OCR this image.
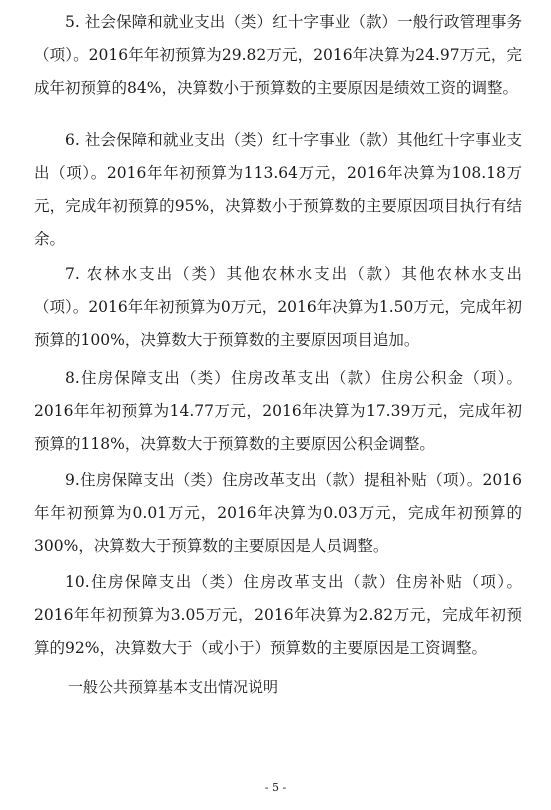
5. 社会保障和就业支出（类）红十字事业（款）一般行政管理事务（项）。2016年年初预算为29.82万元，2016年决算为24.97万元，完成年初预算的84%，决算数小于预算数的主要原因是绩效工资的调整。

6. 社会保障和就业支出（类）红十字事业（款）其他红十字事业支出（项）。2016年年初预算为113.64万元，2016年决算为108.18万元，完成年初预算的95%，决算数小于预算数的主要原因项目执行有结余。

7. 农林水支出（类）其他农林水支出（款）其他农林水支出（项）。2016年年初预算为0万元，2016年决算为1.50万元，完成年初预算的100%，决算数大于预算数的主要原因项目追加。

8.住房保障支出（类）住房改革支出（款）住房公积金（项）。2016年年初预算为14.77万元，2016年决算为17.39万元，完成年初预算的118%，决算数大于预算数的主要原因公积金调整。

9.住房保障支出（类）住房改革支出（款）提租补贴（项）。2016年年初预算为0.01万元，2016年决算为0.03万元，完成年初预算的300%，决算数大于预算数的主要原因是人员调整。

10.住房保障支出（类）住房改革支出（款）住房补贴（项）。2016年年初预算为3.05万元，2016年决算为2.82万元，完成年初预算的92%，决算数大于（或小于）预算数的主要原因是工资调整。

一般公共预算基本支出情况说明

- 5 -
